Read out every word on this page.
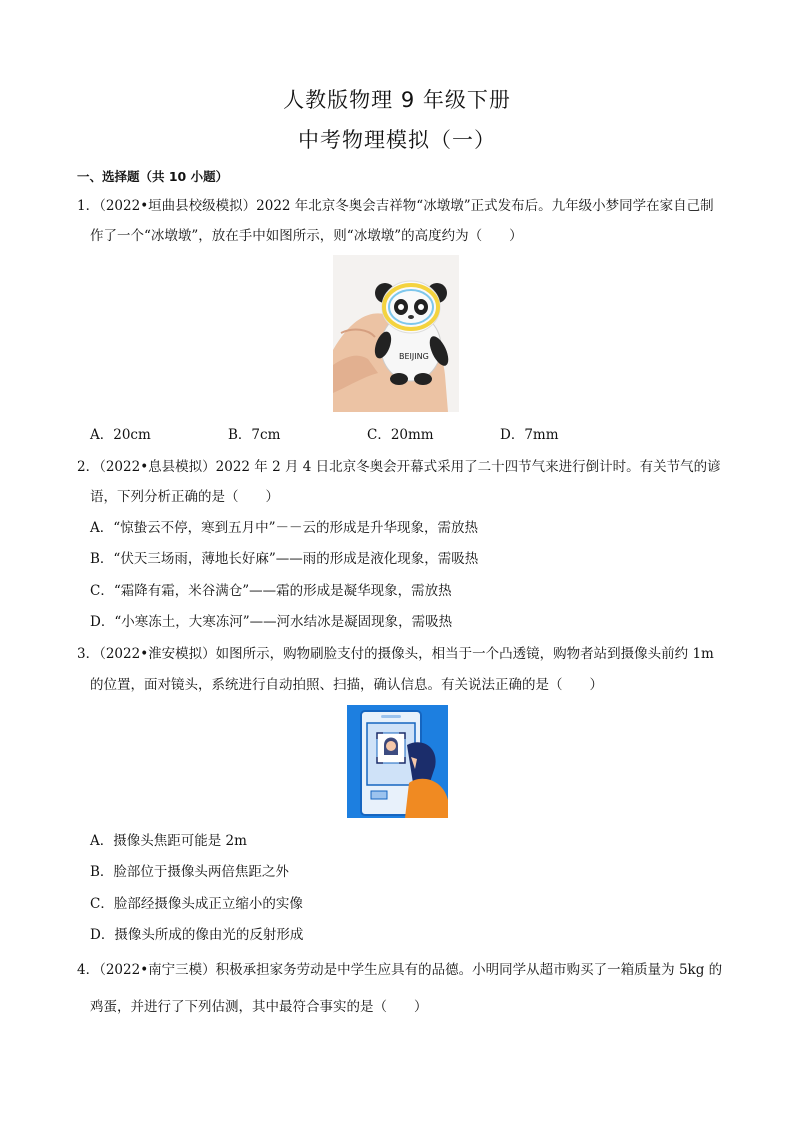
人教版物理 9 年级下册
中考物理模拟（一）
一、选择题（共 10 小题）
1．（2022•垣曲县校级模拟）2022 年北京冬奥会吉祥物“冰墩墩”正式发布后。九年级小梦同学在家自己制
作了一个“冰墩墩”，放在手中如图所示，则“冰墩墩”的高度约为（　　）
BEIJING
A．20cm	B．7cm	C．20mm	D．7mm
2．（2022•息县模拟）2022 年 2 月 4 日北京冬奥会开幕式采用了二十四节气来进行倒计时。有关节气的谚
语，下列分析正确的是（　　）
A．“惊蛰云不停，寒到五月中”－－云的形成是升华现象，需放热
B．“伏天三场雨，薄地长好麻”——雨的形成是液化现象，需吸热
C．“霜降有霜，米谷满仓”——霜的形成是凝华现象，需放热
D．“小寒冻土，大寒冻河”——河水结冰是凝固现象，需吸热
3．（2022•淮安模拟）如图所示，购物刷脸支付的摄像头，相当于一个凸透镜，购物者站到摄像头前约 1m
的位置，面对镜头，系统进行自动拍照、扫描，确认信息。有关说法正确的是（　　）
A．摄像头焦距可能是 2m
B．脸部位于摄像头两倍焦距之外
C．脸部经摄像头成正立缩小的实像
D．摄像头所成的像由光的反射形成
4．（2022•南宁三模）积极承担家务劳动是中学生应具有的品德。小明同学从超市购买了一箱质量为 5kg 的
鸡蛋，并进行了下列估测，其中最符合事实的是（　　）
